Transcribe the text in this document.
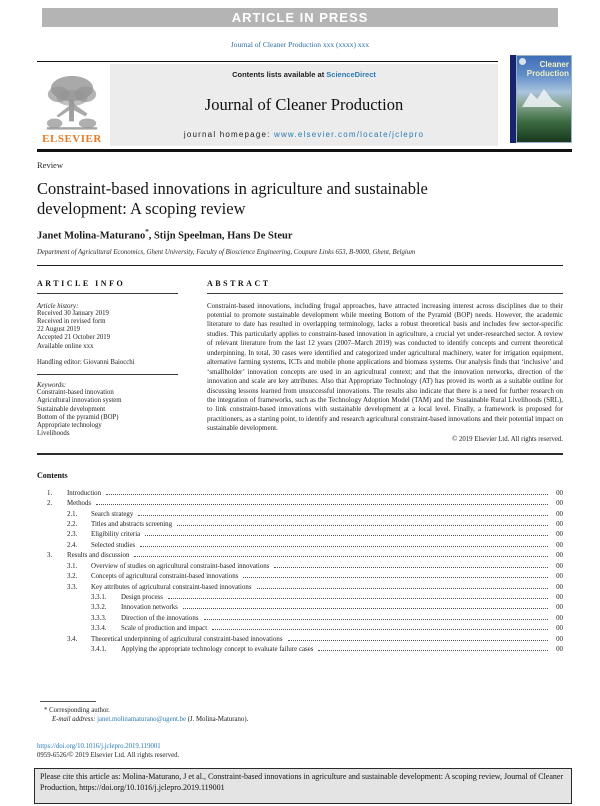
ARTICLE IN PRESS
Journal of Cleaner Production xxx (xxxx) xxx
ELSEVIER
Contents lists available at ScienceDirect
Journal of Cleaner Production
journal homepage: www.elsevier.com/locate/jclepro
Cleaner
Production
Review
Constraint-based innovations in agriculture and sustainable development: A scoping review
Janet Molina-Maturano*, Stijn Speelman, Hans De Steur
Department of Agricultural Economics, Ghent University, Faculty of Bioscience Engineering, Coupure Links 653, B-9000, Ghent, Belgium
ARTICLE INFO
Article history:
Received 30 January 2019
Received in revised form
22 August 2019
Accepted 21 October 2019
Available online xxx
Handling editor: Giovanni Baiocchi
Keywords:
Constraint-based innovation
Agricultural innovation system
Sustainable development
Bottom of the pyramid (BOP)
Appropriate technology
Livelihoods
ABSTRACT
Constraint-based innovations, including frugal approaches, have attracted increasing interest across disciplines due to their potential to promote sustainable development while meeting Bottom of the Pyramid (BOP) needs. However, the academic literature to date has resulted in overlapping terminology, lacks a robust theoretical basis and includes few sector-specific studies. This particularly applies to constraint-based innovation in agriculture, a crucial yet under-researched sector. A review of relevant literature from the last 12 years (2007–March 2019) was conducted to identify concepts and current theoretical underpinning. In total, 30 cases were identified and categorized under agricultural machinery, water for irrigation equipment, alternative farming systems, ICTs and mobile phone applications and biomass systems. Our analysis finds that ‘inclusive’ and ‘smallholder’ innovation concepts are used in an agricultural context; and that the innovation networks, direction of the innovation and scale are key attributes. Also that Appropriate Technology (AT) has proved its worth as a suitable outline for discussing lessons learned from unsuccessful innovations. The results also indicate that there is a need for further research on the integration of frameworks, such as the Technology Adoption Model (TAM) and the Sustainable Rural Livelihoods (SRL), to link constraint-based innovations with sustainable development at a local level. Finally, a framework is proposed for practitioners, as a starting point, to identify and research agricultural constraint-based innovations and their potential impact on sustainable development.
© 2019 Elsevier Ltd. All rights reserved.
Contents
1.	Introduction	00
2.	Methods	00
2.1.	Search strategy	00
2.2.	Titles and abstracts screening	00
2.3.	Eligibility criteria	00
2.4.	Selected studies	00
3.	Results and discussion	00
3.1.	Overview of studies on agricultural constraint-based innovations	00
3.2.	Concepts of agricultural constraint-based innovations	00
3.3.	Key attributes of agricultural constraint-based innovations	00
3.3.1.	Design process	00
3.3.2.	Innovation networks	00
3.3.3.	Direction of the innovations	00
3.3.4.	Scale of production and impact	00
3.4.	Theoretical underpinning of agricultural constraint-based innovations	00
3.4.1.	Applying the appropriate technology concept to evaluate failure cases	00
* Corresponding author.
E-mail address: janet.molinamaturano@ugent.be (J. Molina-Maturano).
https://doi.org/10.1016/j.jclepro.2019.119001
0959-6526/© 2019 Elsevier Ltd. All rights reserved.
Please cite this article as: Molina-Maturano, J et al., Constraint-based innovations in agriculture and sustainable development: A scoping review, Journal of Cleaner Production, https://doi.org/10.1016/j.jclepro.2019.119001
